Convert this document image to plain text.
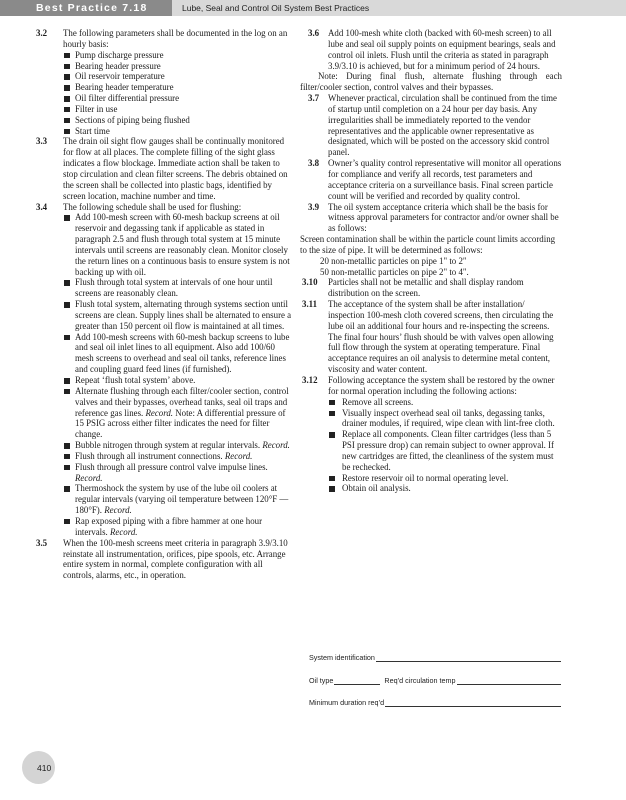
Best Practice 7.18	Lube, Seal and Control Oil System Best Practices
3.2 The following parameters shall be documented in the log on an hourly basis:
Pump discharge pressure
Bearing header pressure
Oil reservoir temperature
Bearing header temperature
Oil filter differential pressure
Filter in use
Sections of piping being flushed
Start time
3.3 The drain oil sight flow gauges shall be continually monitored for flow at all places. The complete filling of the sight glass indicates a flow blockage. Immediate action shall be taken to stop circulation and clean filter screens. The debris obtained on the screen shall be collected into plastic bags, identified by screen location, machine number and time.
3.4 The following schedule shall be used for flushing:
Add 100-mesh screen with 60-mesh backup screens at oil reservoir and degassing tank if applicable as stated in paragraph 2.5 and flush through total system at 15 minute intervals until screens are reasonably clean. Monitor closely the return lines on a continuous basis to ensure system is not backing up with oil.
Flush through total system at intervals of one hour until screens are reasonably clean.
Flush total system, alternating through systems section until screens are clean. Supply lines shall be alternated to ensure a greater than 150 percent oil flow is maintained at all times.
Add 100-mesh screens with 60-mesh backup screens to lube and seal oil inlet lines to all equipment. Also add 100/60 mesh screens to overhead and seal oil tanks, reference lines and coupling guard feed lines (if furnished).
Repeat ‘flush total system’ above.
Alternate flushing through each filter/cooler section, control valves and their bypasses, overhead tanks, seal oil traps and reference gas lines. Record. Note: A differential pressure of 15 PSIG across either filter indicates the need for filter change.
Bubble nitrogen through system at regular intervals. Record.
Flush through all instrument connections. Record.
Flush through all pressure control valve impulse lines. Record.
Thermoshock the system by use of the lube oil coolers at regular intervals (varying oil temperature between 120°F — 180°F). Record.
Rap exposed piping with a fibre hammer at one hour intervals. Record.
3.5 When the 100-mesh screens meet criteria in paragraph 3.9/3.10 reinstate all instrumentation, orifices, pipe spools, etc. Arrange entire system in normal, complete configuration with all controls, alarms, etc., in operation.
3.6 Add 100-mesh white cloth (backed with 60-mesh screen) to all lube and seal oil supply points on equipment bearings, seals and control oil inlets. Flush until the criteria as stated in paragraph 3.9/3.10 is achieved, but for a minimum period of 24 hours.
Note: During final flush, alternate flushing through each filter/cooler section, control valves and their bypasses.
3.7 Whenever practical, circulation shall be continued from the time of startup until completion on a 24 hour per day basis. Any irregularities shall be immediately reported to the vendor representatives and the applicable owner representative as designated, which will be posted on the accessory skid control panel.
3.8 Owner’s quality control representative will monitor all operations for compliance and verify all records, test parameters and acceptance criteria on a surveillance basis. Final screen particle count will be verified and recorded by quality control.
3.9 The oil system acceptance criteria which shall be the basis for witness approval parameters for contractor and/or owner shall be as follows:
Screen contamination shall be within the particle count limits according to the size of pipe. It will be determined as follows:
20 non-metallic particles on pipe 1" to 2"
50 non-metallic particles on pipe 2" to 4".
3.10 Particles shall not be metallic and shall display random distribution on the screen.
3.11 The acceptance of the system shall be after installation/ inspection 100-mesh cloth covered screens, then circulating the lube oil an additional four hours and re-inspecting the screens. The final four hours’ flush should be with valves open allowing full flow through the system at operating temperature. Final acceptance requires an oil analysis to determine metal content, viscosity and water content.
3.12 Following acceptance the system shall be restored by the owner for normal operation including the following actions:
Remove all screens.
Visually inspect overhead seal oil tanks, degassing tanks, drainer modules, if required, wipe clean with lint-free cloth.
Replace all components. Clean filter cartridges (less than 5 PSI pressure drop) can remain subject to owner approval. If new cartridges are fitted, the cleanliness of the system must be rechecked.
Restore reservoir oil to normal operating level.
Obtain oil analysis.
System identification
Oil type	Req’d circulation temp
Minimum duration req’d
410
